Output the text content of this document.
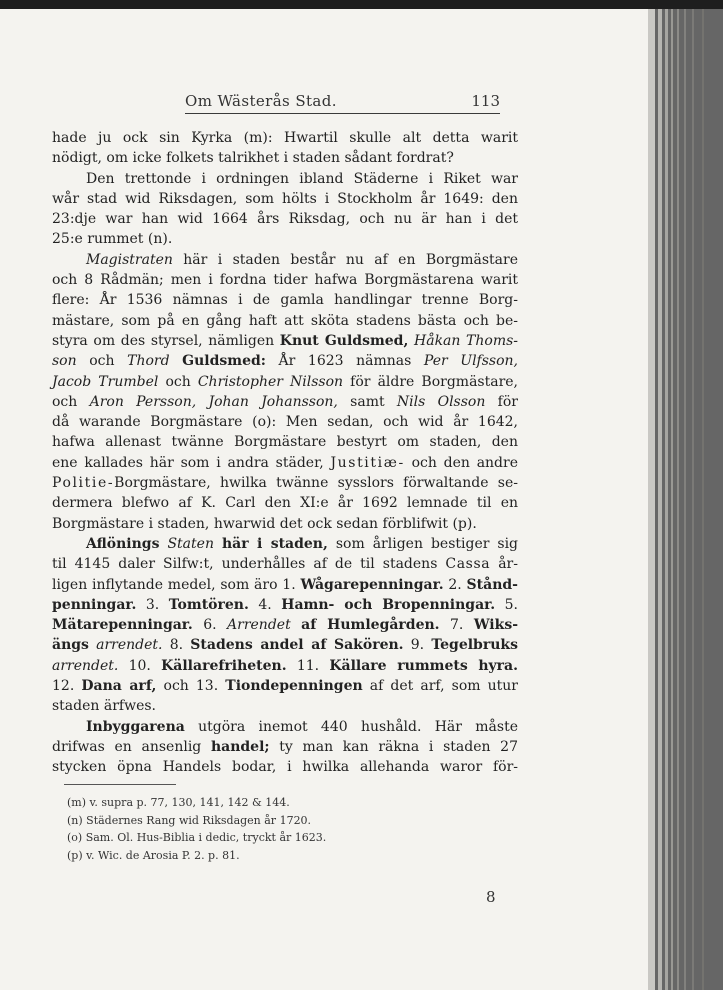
Om Wästerås Stad.	113
hade ju ock sin Kyrka (m): Hwartil skulle alt detta warit
nödigt, om icke folkets talrikhet i staden sådant fordrat?
Den trettonde i ordningen ibland Städerne i Riket war
wår stad wid Riksdagen, som hölts i Stockholm år 1649: den
23:dje war han wid 1664 års Riksdag, och nu är han i det
25:e rummet (n).
Magistraten här i staden består nu af en Borgmästare
och 8 Rådmän; men i fordna tider hafwa Borgmästarena warit
flere: År 1536 nämnas i de gamla handlingar trenne Borg-
mästare, som på en gång haft att sköta stadens bästa och be-
styra om des styrsel, nämligen Knut Guldsmed, Håkan Thoms-
son och Thord Guldsmed: År 1623 nämnas Per Ulfsson,
Jacob Trumbel och Christopher Nilsson för äldre Borgmästare,
och Aron Persson, Johan Johansson, samt Nils Olsson för
då warande Borgmästare (o): Men sedan, och wid år 1642,
hafwa allenast twänne Borgmästare bestyrt om staden, den
ene kallades här som i andra städer, Justitiæ- och den andre
Politie-Borgmästare, hwilka twänne sysslors förwaltande se-
dermera blefwo af K. Carl den XI:e år 1692 lemnade til en
Borgmästare i staden, hwarwid det ock sedan förblifwit (p).
Aflönings Staten här i staden, som årligen bestiger sig
til 4145 daler Silfw:t, underhålles af de til stadens Cassa år-
ligen inflytande medel, som äro 1. Wågarepenningar. 2. Stånd-
penningar. 3. Tomtören. 4. Hamn- och Bropenningar. 5.
Mätarepenningar. 6. Arrendet af Humlegården. 7. Wiks-
ängs arrendet. 8. Stadens andel af Sakören. 9. Tegelbruks
arrendet. 10. Källarefriheten. 11. Källare rummets hyra.
12. Dana arf, och 13. Tiondepenningen af det arf, som utur
staden ärfwes.
Inbyggarena utgöra inemot 440 hushåld. Här måste
drifwas en ansenlig handel; ty man kan räkna i staden 27
stycken öpna Handels bodar, i hwilka allehanda waror för-
(m) v. supra p. 77, 130, 141, 142 & 144.
(n) Städernes Rang wid Riksdagen år 1720.
(o) Sam. Ol. Hus-Biblia i dedic, tryckt år 1623.
(p) v. Wic. de Arosia P. 2. p. 81.
8
